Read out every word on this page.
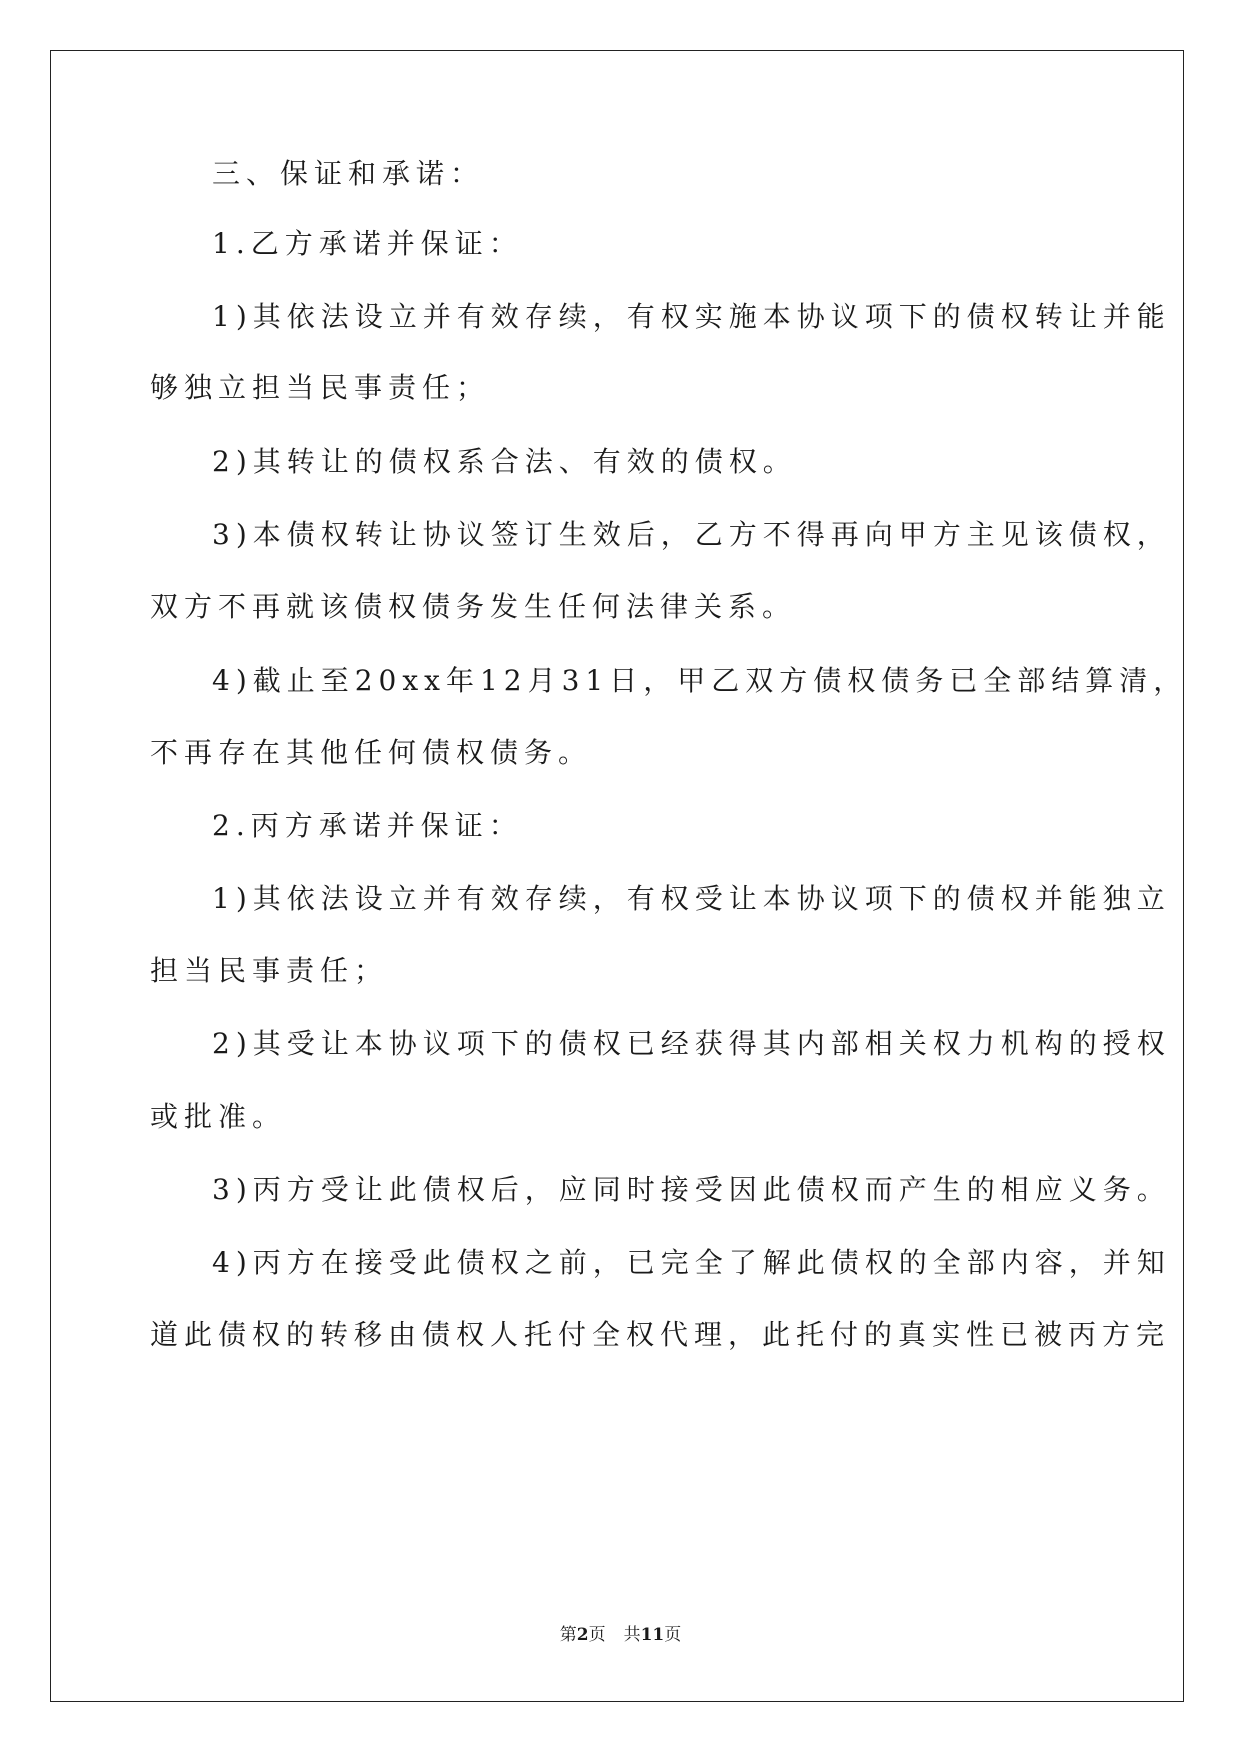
三、保证和承诺：
1.乙方承诺并保证：
1)其依法设立并有效存续，有权实施本协议项下的债权转让并能
够独立担当民事责任；
2)其转让的债权系合法、有效的债权。
3)本债权转让协议签订生效后，乙方不得再向甲方主见该债权，
双方不再就该债权债务发生任何法律关系。
4)截止至20xx年12月31日，甲乙双方债权债务已全部结算清，
不再存在其他任何债权债务。
2.丙方承诺并保证：
1)其依法设立并有效存续，有权受让本协议项下的债权并能独立
担当民事责任；
2)其受让本协议项下的债权已经获得其内部相关权力机构的授权
或批准。
3)丙方受让此债权后，应同时接受因此债权而产生的相应义务。
4)丙方在接受此债权之前，已完全了解此债权的全部内容，并知
道此债权的转移由债权人托付全权代理，此托付的真实性已被丙方完
第2页 共11页
